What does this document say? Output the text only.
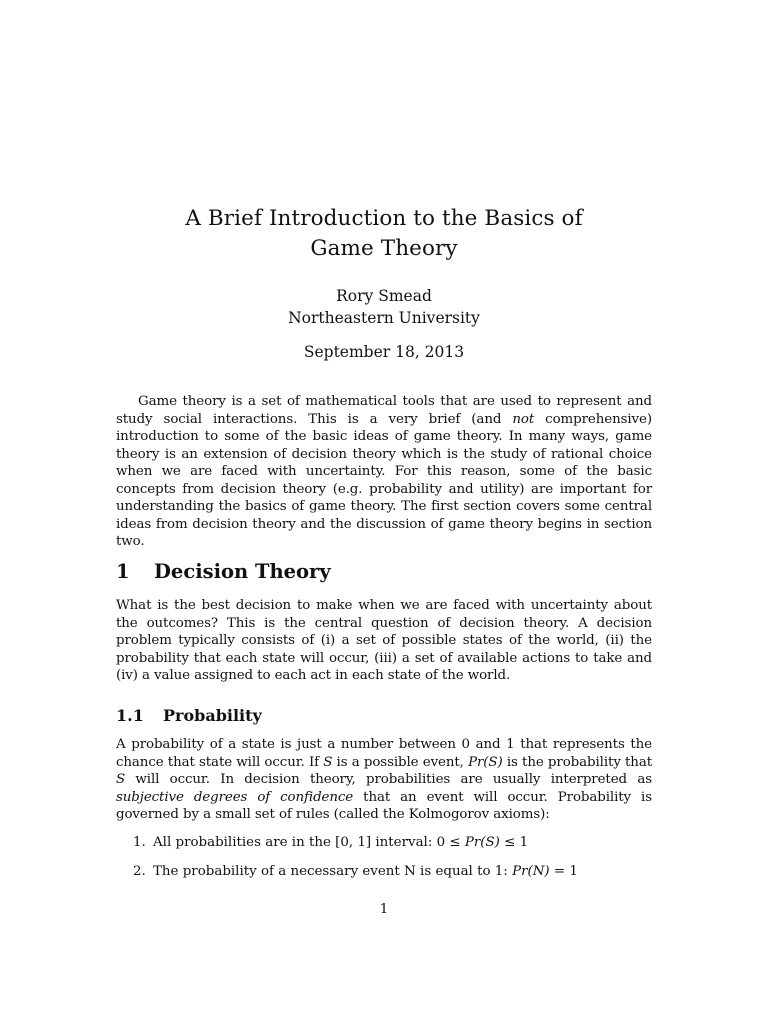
A Brief Introduction to the Basics of
Game Theory
Rory Smead
Northeastern University
September 18, 2013

Game theory is a set of mathematical tools that are used to represent and study social interactions. This is a very brief (and not comprehensive) introduction to some of the basic ideas of game theory. In many ways, game theory is an extension of decision theory which is the study of rational choice when we are faced with uncertainty. For this reason, some of the basic concepts from decision theory (e.g. probability and utility) are important for understanding the basics of game theory. The first section covers some central ideas from decision theory and the discussion of game theory begins in section two.

1 Decision Theory

What is the best decision to make when we are faced with uncertainty about the outcomes? This is the central question of decision theory. A decision problem typically consists of (i) a set of possible states of the world, (ii) the probability that each state will occur, (iii) a set of available actions to take and (iv) a value assigned to each act in each state of the world.

1.1 Probability

A probability of a state is just a number between 0 and 1 that represents the chance that state will occur. If S is a possible event, Pr(S) is the probability that S will occur. In decision theory, probabilities are usually interpreted as subjective degrees of confidence that an event will occur. Probability is governed by a small set of rules (called the Kolmogorov axioms):

1. All probabilities are in the [0, 1] interval: 0 ≤ Pr(S) ≤ 1

2. The probability of a necessary event N is equal to 1: Pr(N) = 1

1
